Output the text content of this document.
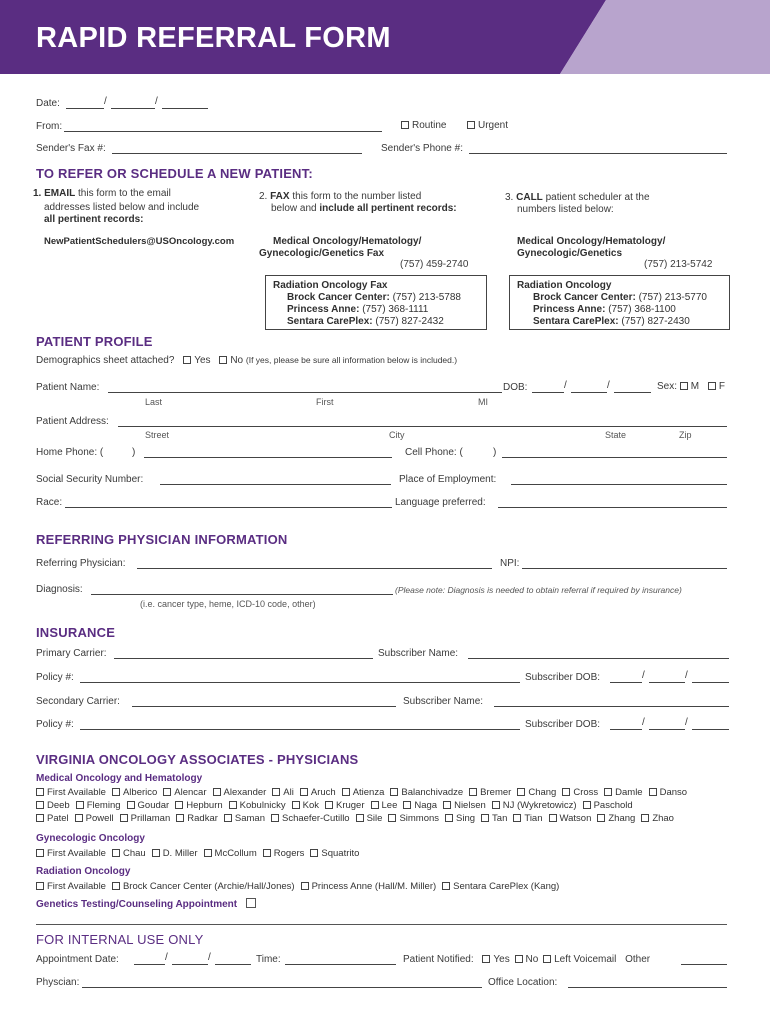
RAPID REFERRAL FORM
Date:	/	/
From:	Routine	Urgent
Sender's Fax #:	Sender's Phone #:
TO REFER OR SCHEDULE A NEW PATIENT:
1. EMAIL this form to the email
addresses listed below and include
all pertinent records:
NewPatientSchedulers@USOncology.com
2. FAX this form to the number listed
below and include all pertinent records:
Medical Oncology/Hematology/
Gynecologic/Genetics Fax
(757) 459-2740
3. CALL patient scheduler at the
numbers listed below:
Medical Oncology/Hematology/
Gynecologic/Genetics
(757) 213-5742
Radiation Oncology Fax
Brock Cancer Center: (757) 213-5788
Princess Anne: (757) 368-1111
Sentara CarePlex: (757) 827-2432
Radiation Oncology
Brock Cancer Center: (757) 213-5770
Princess Anne: (757) 368-1100
Sentara CarePlex: (757) 827-2430
PATIENT PROFILE
Demographics sheet attached? Yes No (If yes, please be sure all information below is included.)
Patient Name:	DOB:	/	/	Sex: M F
Last	First	MI
Patient Address:
Street	City	State	Zip
Home Phone: (	)	Cell Phone: (	)
Social Security Number:	Place of Employment:
Race:	Language preferred:
REFERRING PHYSICIAN INFORMATION
Referring Physician:	NPI:
Diagnosis:	(Please note: Diagnosis is needed to obtain referral if required by insurance)
(i.e. cancer type, heme, ICD-10 code, other)
INSURANCE
Primary Carrier:	Subscriber Name:
Policy #:	Subscriber DOB:	/	/
Secondary Carrier:	Subscriber Name:
Policy #:	Subscriber DOB:	/	/
VIRGINIA ONCOLOGY ASSOCIATES - PHYSICIANS
Medical Oncology and Hematology
First Available Alberico Alencar Alexander Ali Aruch Atienza Balanchivadze Bremer Chang Cross Damle Danso
Deeb Fleming Goudar Hepburn Kobulnicky Kok Kruger Lee Naga Nielsen NJ (Wykretowicz) Paschold
Patel Powell Prillaman Radkar Saman Schaefer-Cutillo Sile Simmons Sing Tan Tian Watson Zhang Zhao
Gynecologic Oncology
First Available Chau D. Miller McCollum Rogers Squatrito
Radiation Oncology
First Available Brock Cancer Center (Archie/Hall/Jones) Princess Anne (Hall/M. Miller) Sentara CarePlex (Kang)
Genetics Testing/Counseling Appointment
FOR INTERNAL USE ONLY
Appointment Date:	/	/	Time:	Patient Notified: Yes No Left Voicemail Other
Physcian:	Office Location:
